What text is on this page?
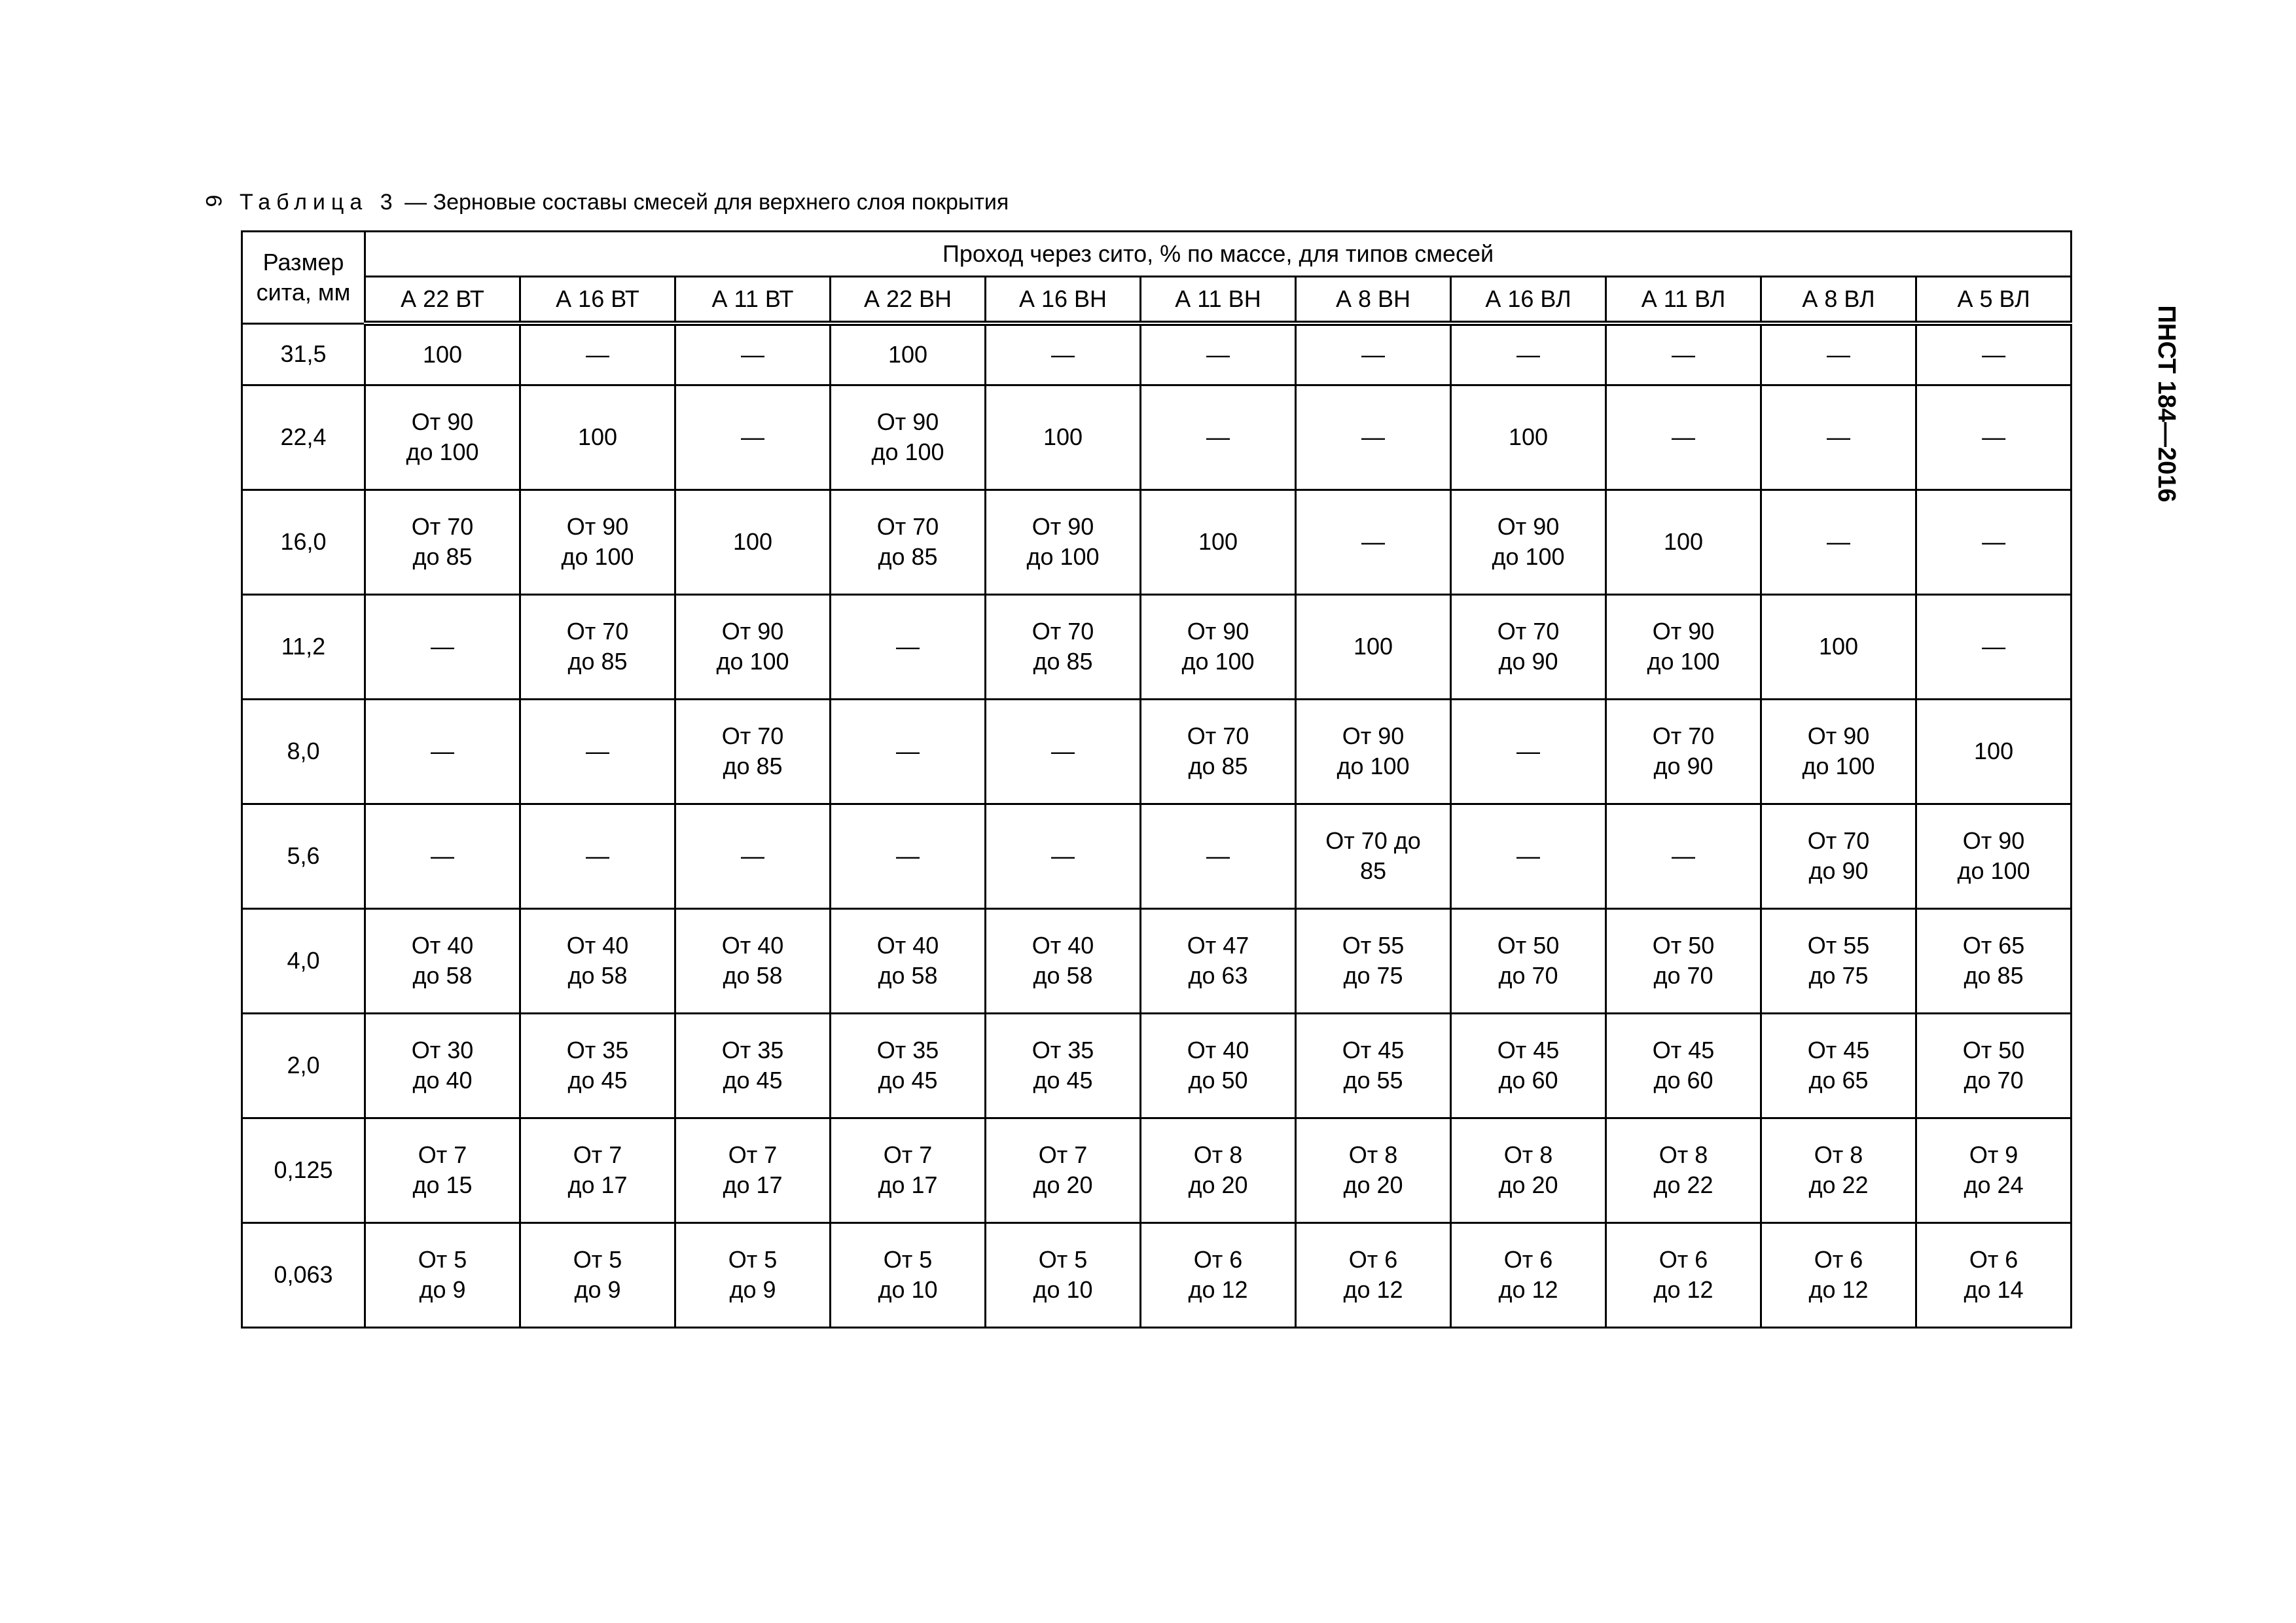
6
ПНСТ 184—2016
Таблица 3 — Зерновые составы смесей для верхнего слоя покрытия
Размер
сита, мм	Проход через сито, % по массе, для типов смесей										
	А 22 ВТ	А 16 ВТ	А 11 ВТ	А 22 ВН	А 16 ВН	А 11 ВН	А 8 ВН	А 16 ВЛ	А 11 ВЛ	А 8 ВЛ	А 5 ВЛ
31,5	100	—	—	100	—	—	—	—	—	—	—
22,4	От 90
до 100	100	—	От 90
до 100	100	—	—	100	—	—	—
16,0	От 70
до 85	От 90
до 100	100	От 70
до 85	От 90
до 100	100	—	От 90
до 100	100	—	—
11,2	—	От 70
до 85	От 90
до 100	—	От 70
до 85	От 90
до 100	100	От 70
до 90	От 90
до 100	100	—
8,0	—	—	От 70
до 85	—	—	От 70
до 85	От 90
до 100	—	От 70
до 90	От 90
до 100	100
5,6	—	—	—	—	—	—	От 70 до
85	—	—	От 70
до 90	От 90
до 100
4,0	От 40
до 58	От 40
до 58	От 40
до 58	От 40
до 58	От 40
до 58	От 47
до 63	От 55
до 75	От 50
до 70	От 50
до 70	От 55
до 75	От 65
до 85
2,0	От 30
до 40	От 35
до 45	От 35
до 45	От 35
до 45	От 35
до 45	От 40
до 50	От 45
до 55	От 45
до 60	От 45
до 60	От 45
до 65	От 50
до 70
0,125	От 7
до 15	От 7
до 17	От 7
до 17	От 7
до 17	От 7
до 20	От 8
до 20	От 8
до 20	От 8
до 20	От 8
до 22	От 8
до 22	От 9
до 24
0,063	От 5
до 9	От 5
до 9	От 5
до 9	От 5
до 10	От 5
до 10	От 6
до 12	От 6
до 12	От 6
до 12	От 6
до 12	От 6
до 12	От 6
до 14
